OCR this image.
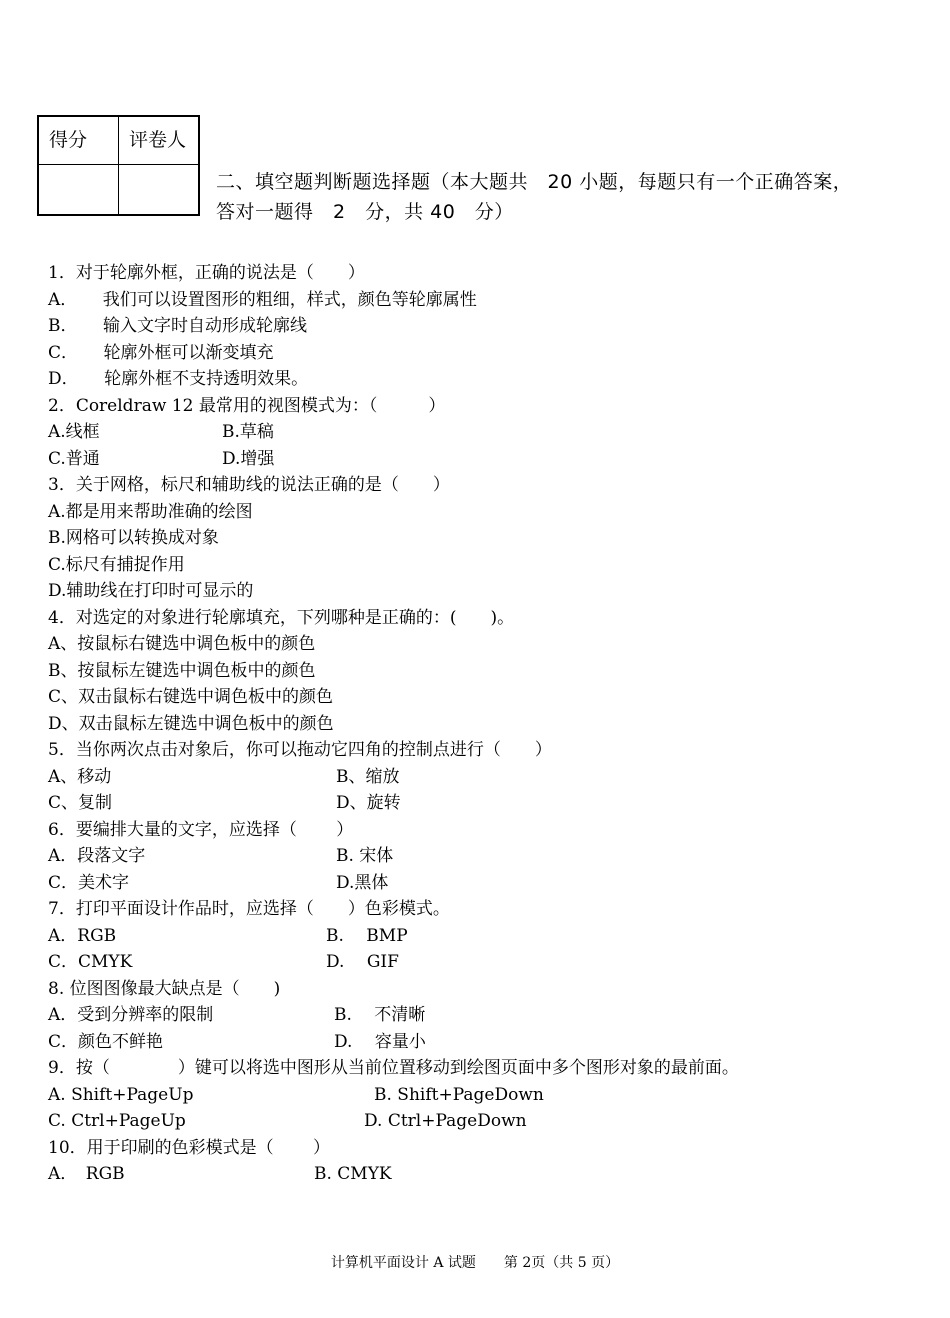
得分	评卷人

二、填空题判断题选择题（本大题共　20 小题，每题只有一个正确答案，答对一题得　2　分，共 40　分）
1．对于轮廓外框，正确的说法是（　　）
A．　　我们可以设置图形的粗细，样式，颜色等轮廓属性
B．　　输入文字时自动形成轮廓线
C．　　轮廓外框可以渐变填充
D．　　轮廓外框不支持透明效果。
2．Coreldraw 12 最常用的视图模式为：（　　　）
A.线框	B.草稿
C.普通	D.增强
3．关于网格，标尺和辅助线的说法正确的是（　　）
A.都是用来帮助准确的绘图
B.网格可以转换成对象
C.标尺有捕捉作用
D.辅助线在打印时可显示的
4．对选定的对象进行轮廓填充，下列哪种是正确的：(　　)。
A、按鼠标右键选中调色板中的颜色
B、按鼠标左键选中调色板中的颜色
C、双击鼠标右键选中调色板中的颜色
D、双击鼠标左键选中调色板中的颜色
5．当你两次点击对象后，你可以拖动它四角的控制点进行（　　）
A、移动	B、缩放
C、复制	D、旋转
6．要编排大量的文字，应选择（　　 ）
A．段落文字	B. 宋体
C．美术字	D.黑体
7．打印平面设计作品时，应选择（　　）色彩模式。
A．RGB	B.　 BMP
C．CMYK	D.　 GIF
8. 位图图像最大缺点是（　　)
A．受到分辨率的限制	B.　 不清晰
C．颜色不鲜艳	D.　 容量小
9．按（　　　　）键可以将选中图形从当前位置移动到绘图页面中多个图形对象的最前面。
A. Shift+PageUp	B. Shift+PageDown
C. Ctrl+PageUp	D. Ctrl+PageDown
10．用于印刷的色彩模式是（　　 ）
A．　RGB	B. CMYK
计算机平面设计 A 试题　　第 2页（共 5 页）
